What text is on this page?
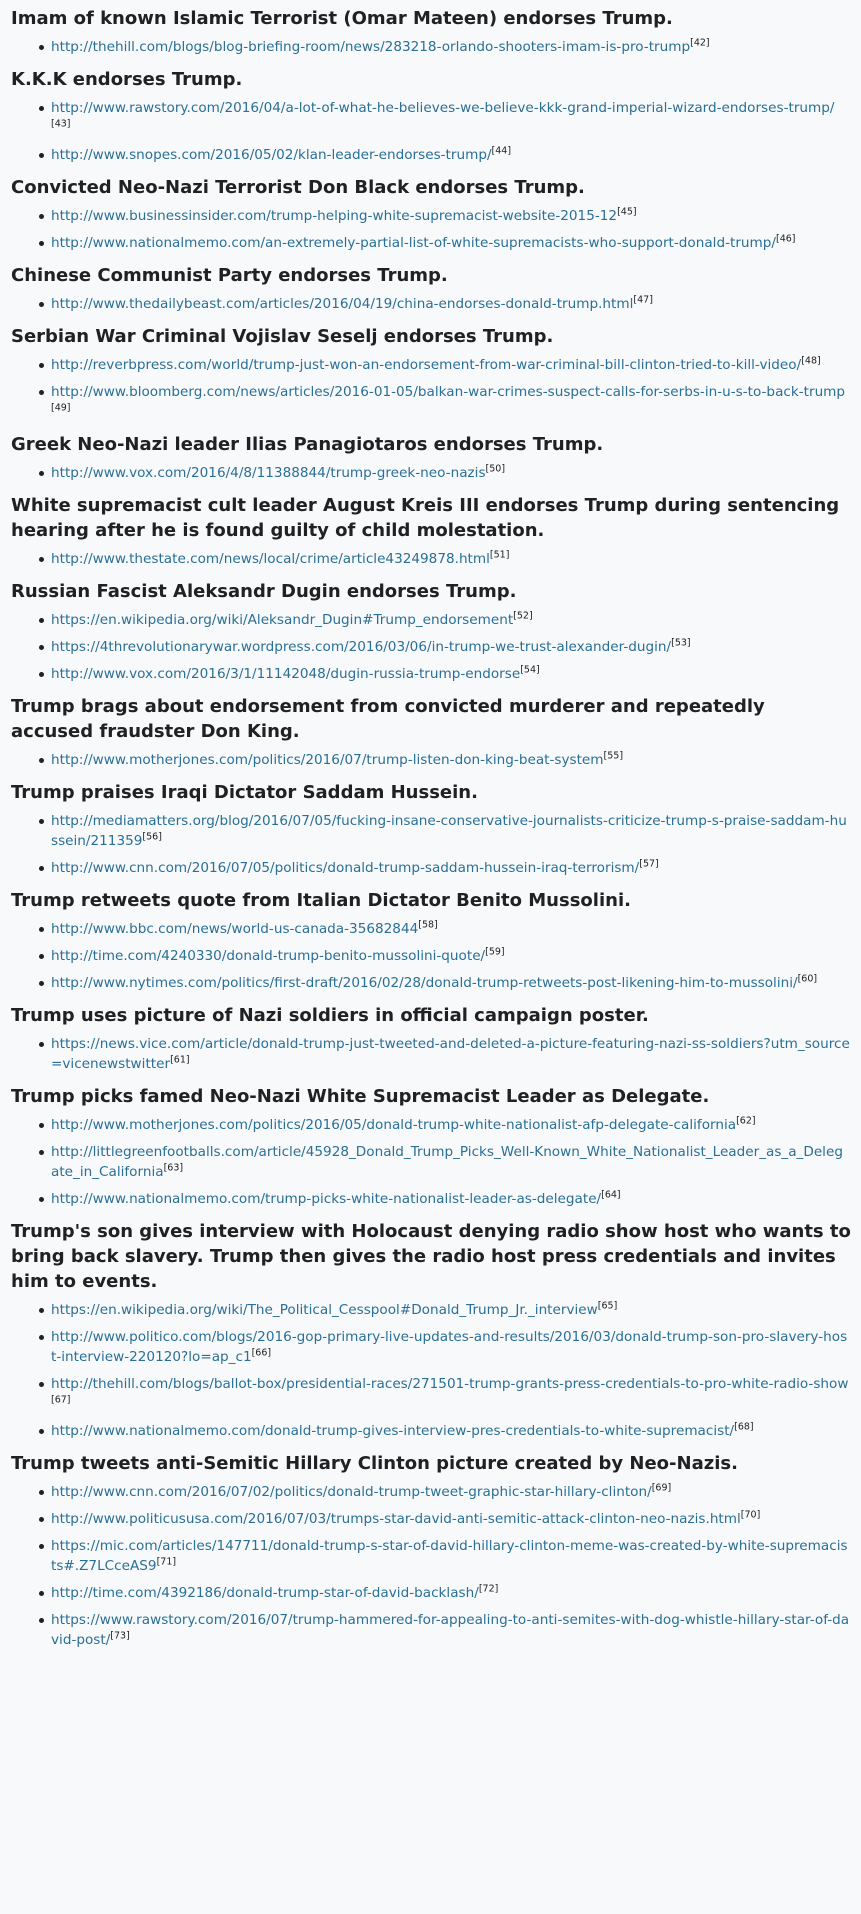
Imam of known Islamic Terrorist (Omar Mateen) endorses Trump.
http://thehill.com/blogs/blog-briefing-room/news/283218-orlando-shooters-imam-is-pro-trump[42]
K.K.K endorses Trump.
http://www.rawstory.com/2016/04/a-lot-of-what-he-believes-we-believe-kkk-grand-imperial-wizard-endorses-trump/[43]
http://www.snopes.com/2016/05/02/klan-leader-endorses-trump/[44]
Convicted Neo-Nazi Terrorist Don Black endorses Trump.
http://www.businessinsider.com/trump-helping-white-supremacist-website-2015-12[45]
http://www.nationalmemo.com/an-extremely-partial-list-of-white-supremacists-who-support-donald-trump/[46]
Chinese Communist Party endorses Trump.
http://www.thedailybeast.com/articles/2016/04/19/china-endorses-donald-trump.html[47]
Serbian War Criminal Vojislav Seselj endorses Trump.
http://reverbpress.com/world/trump-just-won-an-endorsement-from-war-criminal-bill-clinton-tried-to-kill-video/[48]
http://www.bloomberg.com/news/articles/2016-01-05/balkan-war-crimes-suspect-calls-for-serbs-in-u-s-to-back-trump[49]
Greek Neo-Nazi leader Ilias Panagiotaros endorses Trump.
http://www.vox.com/2016/4/8/11388844/trump-greek-neo-nazis[50]
White supremacist cult leader August Kreis III endorses Trump during sentencing hearing after he is found guilty of child molestation.
http://www.thestate.com/news/local/crime/article43249878.html[51]
Russian Fascist Aleksandr Dugin endorses Trump.
https://en.wikipedia.org/wiki/Aleksandr_Dugin#Trump_endorsement[52]
https://4threvolutionarywar.wordpress.com/2016/03/06/in-trump-we-trust-alexander-dugin/[53]
http://www.vox.com/2016/3/1/11142048/dugin-russia-trump-endorse[54]
Trump brags about endorsement from convicted murderer and repeatedly accused fraudster Don King.
http://www.motherjones.com/politics/2016/07/trump-listen-don-king-beat-system[55]
Trump praises Iraqi Dictator Saddam Hussein.
http://mediamatters.org/blog/2016/07/05/fucking-insane-conservative-journalists-criticize-trump-s-praise-saddam-hussein/211359[56]
http://www.cnn.com/2016/07/05/politics/donald-trump-saddam-hussein-iraq-terrorism/[57]
Trump retweets quote from Italian Dictator Benito Mussolini.
http://www.bbc.com/news/world-us-canada-35682844[58]
http://time.com/4240330/donald-trump-benito-mussolini-quote/[59]
http://www.nytimes.com/politics/first-draft/2016/02/28/donald-trump-retweets-post-likening-him-to-mussolini/[60]
Trump uses picture of Nazi soldiers in official campaign poster.
https://news.vice.com/article/donald-trump-just-tweeted-and-deleted-a-picture-featuring-nazi-ss-soldiers?utm_source=vicenewstwitter[61]
Trump picks famed Neo-Nazi White Supremacist Leader as Delegate.
http://www.motherjones.com/politics/2016/05/donald-trump-white-nationalist-afp-delegate-california[62]
http://littlegreenfootballs.com/article/45928_Donald_Trump_Picks_Well-Known_White_Nationalist_Leader_as_a_Delegate_in_California[63]
http://www.nationalmemo.com/trump-picks-white-nationalist-leader-as-delegate/[64]
Trump's son gives interview with Holocaust denying radio show host who wants to bring back slavery. Trump then gives the radio host press credentials and invites him to events.
https://en.wikipedia.org/wiki/The_Political_Cesspool#Donald_Trump_Jr._interview[65]
http://www.politico.com/blogs/2016-gop-primary-live-updates-and-results/2016/03/donald-trump-son-pro-slavery-host-interview-220120?lo=ap_c1[66]
http://thehill.com/blogs/ballot-box/presidential-races/271501-trump-grants-press-credentials-to-pro-white-radio-show[67]
http://www.nationalmemo.com/donald-trump-gives-interview-pres-credentials-to-white-supremacist/[68]
Trump tweets anti-Semitic Hillary Clinton picture created by Neo-Nazis.
http://www.cnn.com/2016/07/02/politics/donald-trump-tweet-graphic-star-hillary-clinton/[69]
http://www.politicususa.com/2016/07/03/trumps-star-david-anti-semitic-attack-clinton-neo-nazis.html[70]
https://mic.com/articles/147711/donald-trump-s-star-of-david-hillary-clinton-meme-was-created-by-white-supremacists#.Z7LCceAS9[71]
http://time.com/4392186/donald-trump-star-of-david-backlash/[72]
https://www.rawstory.com/2016/07/trump-hammered-for-appealing-to-anti-semites-with-dog-whistle-hillary-star-of-david-post/[73]
